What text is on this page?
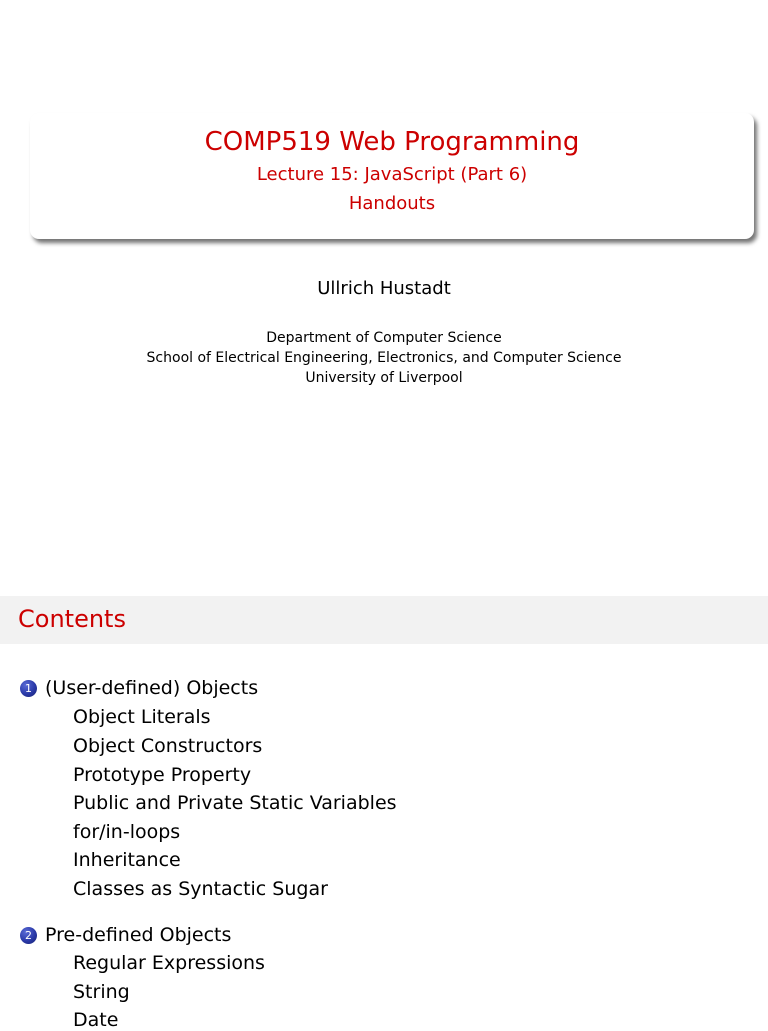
COMP519 Web Programming
Lecture 15: JavaScript (Part 6)
Handouts
Ullrich Hustadt
Department of Computer Science
School of Electrical Engineering, Electronics, and Computer Science
University of Liverpool
Contents
1 (User-defined) Objects
Object Literals
Object Constructors
Prototype Property
Public and Private Static Variables
for/in-loops
Inheritance
Classes as Syntactic Sugar
2 Pre-defined Objects
Regular Expressions
String
Date
